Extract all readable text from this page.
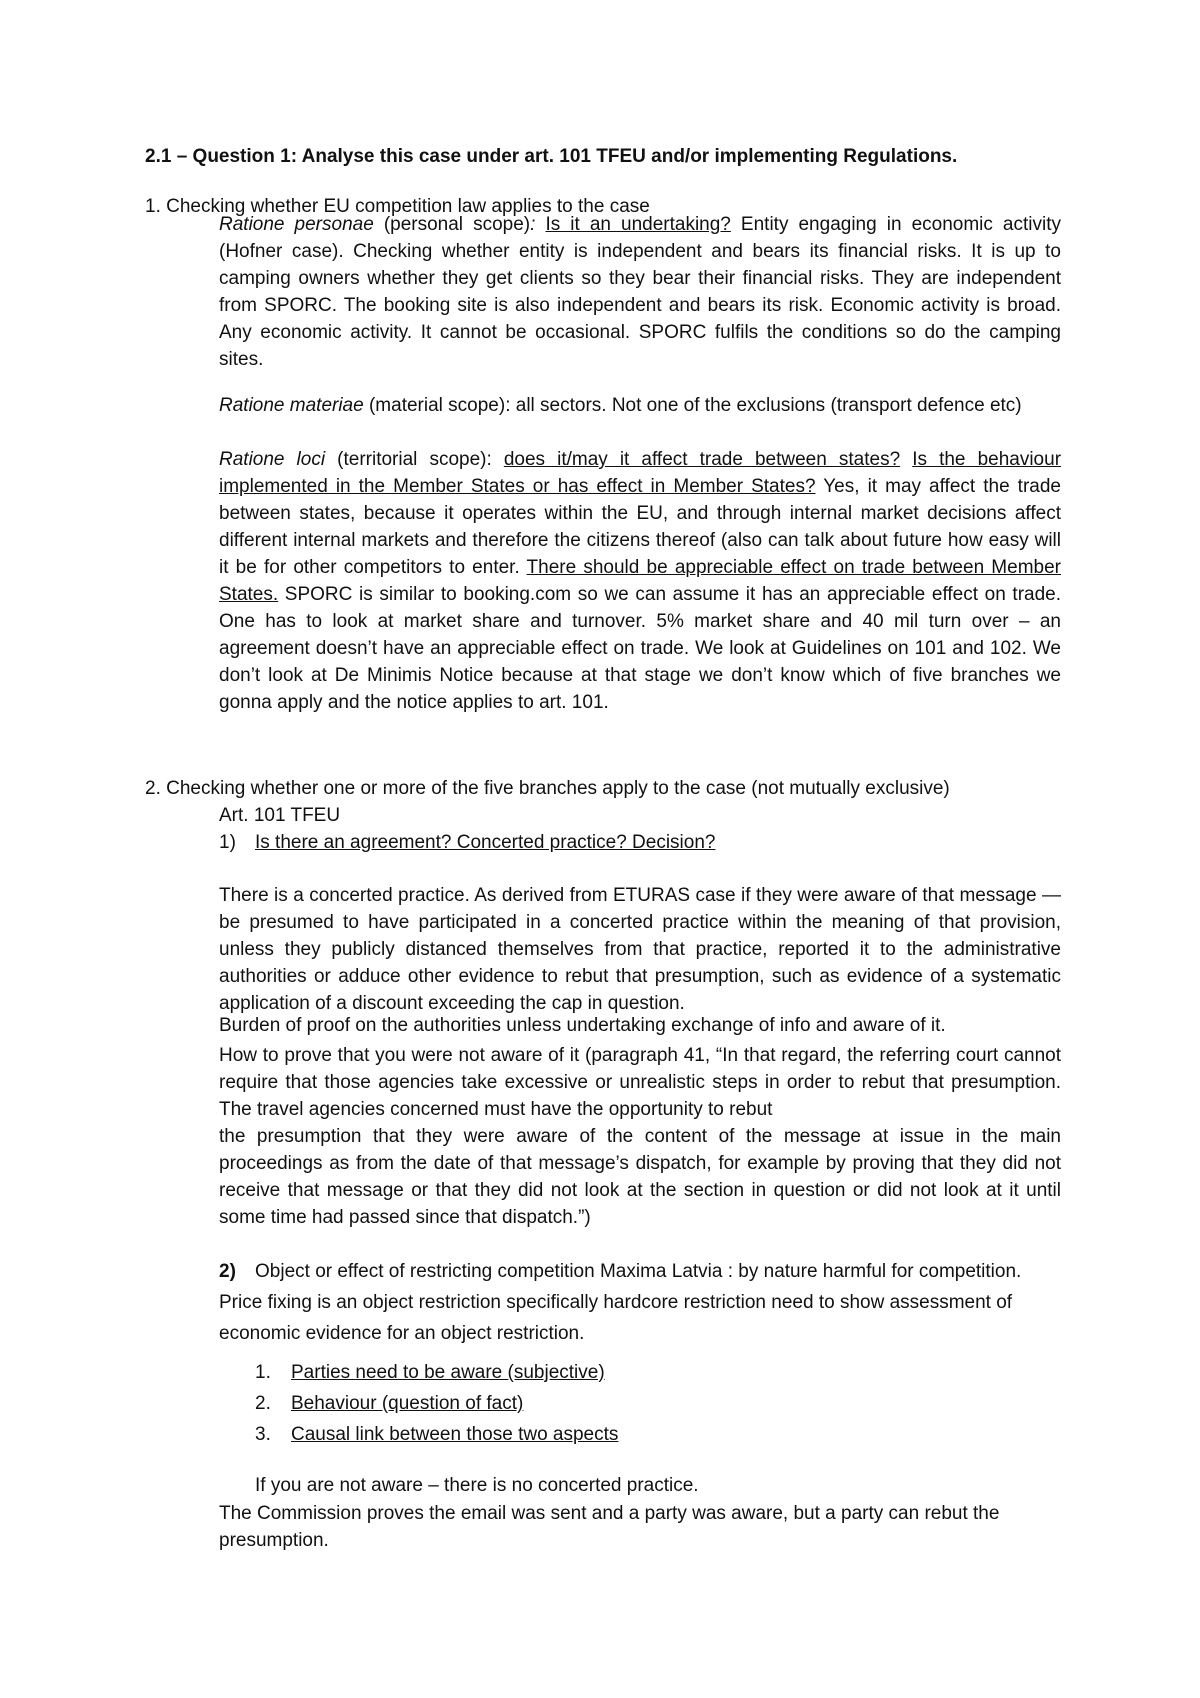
2.1 – Question 1: Analyse this case under art. 101 TFEU and/or implementing Regulations.
1. Checking whether EU competition law applies to the case
Ratione personae (personal scope): Is it an undertaking? Entity engaging in economic activity (Hofner case). Checking whether entity is independent and bears its financial risks. It is up to camping owners whether they get clients so they bear their financial risks. They are independent from SPORC. The booking site is also independent and bears its risk. Economic activity is broad. Any economic activity. It cannot be occasional. SPORC fulfils the conditions so do the camping sites.
Ratione materiae (material scope): all sectors. Not one of the exclusions (transport defence etc)
Ratione loci (territorial scope): does it/may it affect trade between states? Is the behaviour implemented in the Member States or has effect in Member States? Yes, it may affect the trade between states, because it operates within the EU, and through internal market decisions affect different internal markets and therefore the citizens thereof (also can talk about future how easy will it be for other competitors to enter. There should be appreciable effect on trade between Member States. SPORC is similar to booking.com so we can assume it has an appreciable effect on trade. One has to look at market share and turnover. 5% market share and 40 mil turn over – an agreement doesn’t have an appreciable effect on trade. We look at Guidelines on 101 and 102. We don’t look at De Minimis Notice because at that stage we don’t know which of five branches we gonna apply and the notice applies to art. 101.
2. Checking whether one or more of the five branches apply to the case (not mutually exclusive)
Art. 101 TFEU
1) Is there an agreement? Concerted practice? Decision?
There is a concerted practice. As derived from ETURAS case if they were aware of that message — be presumed to have participated in a concerted practice within the meaning of that provision, unless they publicly distanced themselves from that practice, reported it to the administrative authorities or adduce other evidence to rebut that presumption, such as evidence of a systematic application of a discount exceeding the cap in question.
Burden of proof on the authorities unless undertaking exchange of info and aware of it.
How to prove that you were not aware of it (paragraph 41, “In that regard, the referring court cannot require that those agencies take excessive or unrealistic steps in order to rebut that presumption. The travel agencies concerned must have the opportunity to rebut
the presumption that they were aware of the content of the message at issue in the main proceedings as from the date of that message’s dispatch, for example by proving that they did not receive that message or that they did not look at the section in question or did not look at it until some time had passed since that dispatch.”)
2) Object or effect of restricting competition Maxima Latvia : by nature harmful for competition. Price fixing is an object restriction specifically hardcore restriction need to show assessment of economic evidence for an object restriction.
1. Parties need to be aware (subjective)
2. Behaviour (question of fact)
3. Causal link between those two aspects
If you are not aware – there is no concerted practice.
The Commission proves the email was sent and a party was aware, but a party can rebut the presumption.
